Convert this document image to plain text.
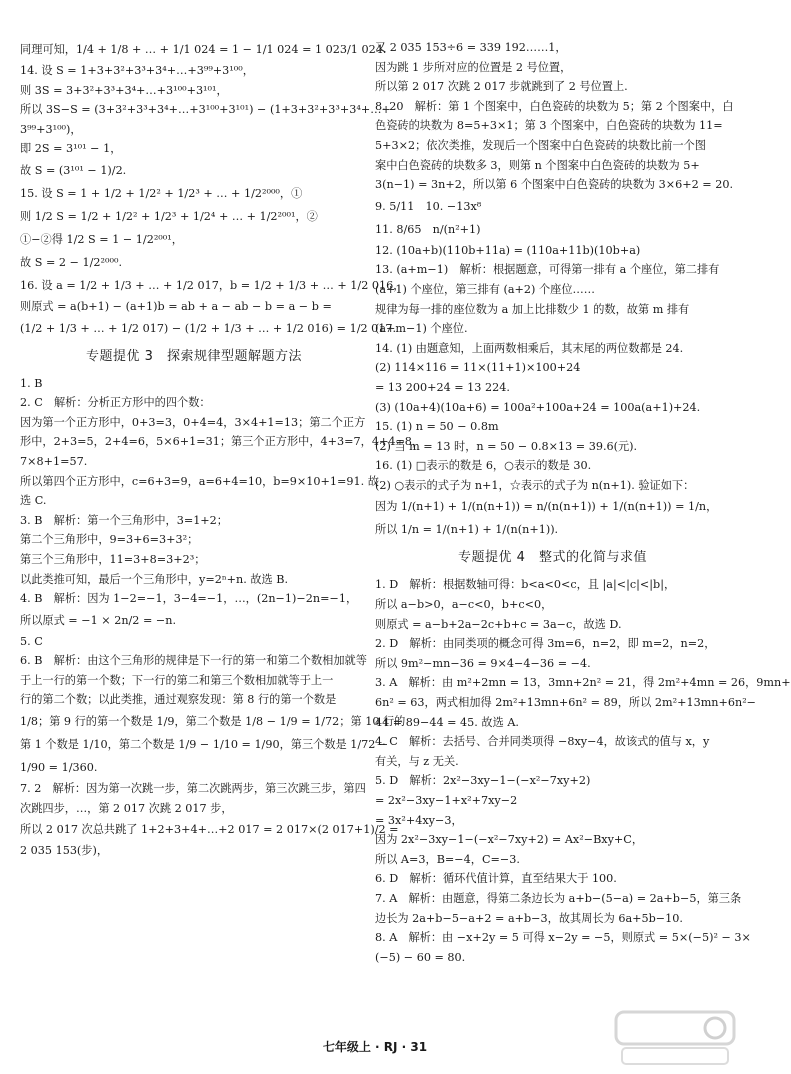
同理可知，1/4 + 1/8 + … + 1/1 024 = 1 − 1/1 024 = 1 023/1 024.
14. 设 S = 1+3+3²+3³+3⁴+…+3⁹⁹+3¹⁰⁰，
则 3S = 3+3²+3³+3⁴+…+3¹⁰⁰+3¹⁰¹，
所以 3S−S = (3+3²+3³+3⁴+…+3¹⁰⁰+3¹⁰¹) − (1+3+3²+3³+3⁴+…+
3⁹⁹+3¹⁰⁰)，
即 2S = 3¹⁰¹ − 1，
故 S = (3¹⁰¹ − 1)/2.
15. 设 S = 1 + 1/2 + 1/2² + 1/2³ + … + 1/2²⁰⁰⁰，①
则 1/2 S = 1/2 + 1/2² + 1/2³ + 1/2⁴ + … + 1/2²⁰⁰¹，②
①−②得 1/2 S = 1 − 1/2²⁰⁰¹，
故 S = 2 − 1/2²⁰⁰⁰.
16. 设 a = 1/2 + 1/3 + … + 1/2 017，b = 1/2 + 1/3 + … + 1/2 016，
则原式 = a(b+1) − (a+1)b = ab + a − ab − b = a − b =
(1/2 + 1/3 + … + 1/2 017) − (1/2 + 1/3 + … + 1/2 016) = 1/2 017.
专题提优 3　探索规律型题解题方法
1. B
2. C　解析：分析正方形中的四个数：
因为第一个正方形中，0+3=3，0+4=4，3×4+1=13；第二个正方
形中，2+3=5，2+4=6，5×6+1=31；第三个正方形中，4+3=7，4+4=8，
7×8+1=57.
所以第四个正方形中，c=6+3=9，a=6+4=10，b=9×10+1=91. 故
选 C.
3. B　解析：第一个三角形中，3=1+2；
第二个三角形中，9=3+6=3+3²；
第三个三角形中，11=3+8=3+2³；
以此类推可知，最后一个三角形中，y=2ⁿ+n. 故选 B.
4. B　解析：因为 1−2=−1，3−4=−1，…，(2n−1)−2n=−1，
所以原式 = −1 × 2n/2 = −n.
5. C
6. B　解析：由这个三角形的规律是下一行的第一和第二个数相加就等
于上一行的第一个数；下一行的第二和第三个数相加就等于上一
行的第二个数；以此类推，通过观察发现：第 8 行的第一个数是
1/8；第 9 行的第一个数是 1/9，第二个数是 1/8 − 1/9 = 1/72；第 10 行的
第 1 个数是 1/10，第二个数是 1/9 − 1/10 = 1/90，第三个数是 1/72 −
1/90 = 1/360.
7. 2　解析：因为第一次跳一步，第二次跳两步，第三次跳三步，第四
次跳四步，…，第 2 017 次跳 2 017 步，
所以 2 017 次总共跳了 1+2+3+4+…+2 017 = 2 017×(2 017+1)/2 =
2 035 153(步)，
又 2 035 153÷6 = 339 192……1，
因为跳 1 步所对应的位置是 2 号位置，
所以第 2 017 次跳 2 017 步就跳到了 2 号位置上.
8. 20　解析：第 1 个图案中，白色瓷砖的块数为 5；第 2 个图案中，白
色瓷砖的块数为 8=5+3×1；第 3 个图案中，白色瓷砖的块数为 11=
5+3×2；依次类推，发现后一个图案中白色瓷砖的块数比前一个图
案中白色瓷砖的块数多 3，则第 n 个图案中白色瓷砖的块数为 5+
3(n−1) = 3n+2，所以第 6 个图案中白色瓷砖的块数为 3×6+2 = 20.
9. 5/11　10. −13x⁸
11. 8/65　n/(n²+1)
12. (10a+b)(110b+11a) = (110a+11b)(10b+a)
13. (a+m−1)　解析：根据题意，可得第一排有 a 个座位，第二排有
(a+1) 个座位，第三排有 (a+2) 个座位……
规律为每一排的座位数为 a 加上比排数少 1 的数，故第 m 排有
(a+m−1) 个座位.
14. (1) 由题意知，上面两数相乘后，其末尾的两位数都是 24.
(2) 114×116 = 11×(11+1)×100+24
= 13 200+24 = 13 224.
(3) (10a+4)(10a+6) = 100a²+100a+24 = 100a(a+1)+24.
15. (1) n = 50 − 0.8m
(2) 当 m = 13 时，n = 50 − 0.8×13 = 39.6(元).
16. (1) □表示的数是 6，○表示的数是 30.
(2) ○表示的式子为 n+1，☆表示的式子为 n(n+1). 验证如下：
因为 1/(n+1) + 1/(n(n+1)) = n/(n(n+1)) + 1/(n(n+1)) = 1/n，
所以 1/n = 1/(n+1) + 1/(n(n+1)).
专题提优 4　整式的化简与求值
1. D　解析：根据数轴可得：b<a<0<c，且 |a|<|c|<|b|，
所以 a−b>0，a−c<0，b+c<0，
则原式 = a−b+2a−2c+b+c = 3a−c，故选 D.
2. D　解析：由同类项的概念可得 3m=6，n=2，即 m=2，n=2，
所以 9m²−mn−36 = 9×4−4−36 = −4.
3. A　解析：由 m²+2mn = 13，3mn+2n² = 21，得 2m²+4mn = 26，9mn+
6n² = 63，两式相加得 2m²+13mn+6n² = 89，所以 2m²+13mn+6n²−
44 = 89−44 = 45. 故选 A.
4. C　解析：去括号、合并同类项得 −8xy−4，故该式的值与 x，y
有关，与 z 无关.
5. D　解析：2x²−3xy−1−(−x²−7xy+2)
= 2x²−3xy−1+x²+7xy−2
= 3x²+4xy−3，
因为 2x²−3xy−1−(−x²−7xy+2) = Ax²−Bxy+C，
所以 A=3，B=−4，C=−3.
6. D　解析：循环代值计算，直至结果大于 100.
7. A　解析：由题意，得第二条边长为 a+b−(5−a) = 2a+b−5，第三条
边长为 2a+b−5−a+2 = a+b−3，故其周长为 6a+5b−10.
8. A　解析：由 −x+2y = 5 可得 x−2y = −5，则原式 = 5×(−5)² − 3×
(−5) − 60 = 80.
七年级上 · RJ · 31
